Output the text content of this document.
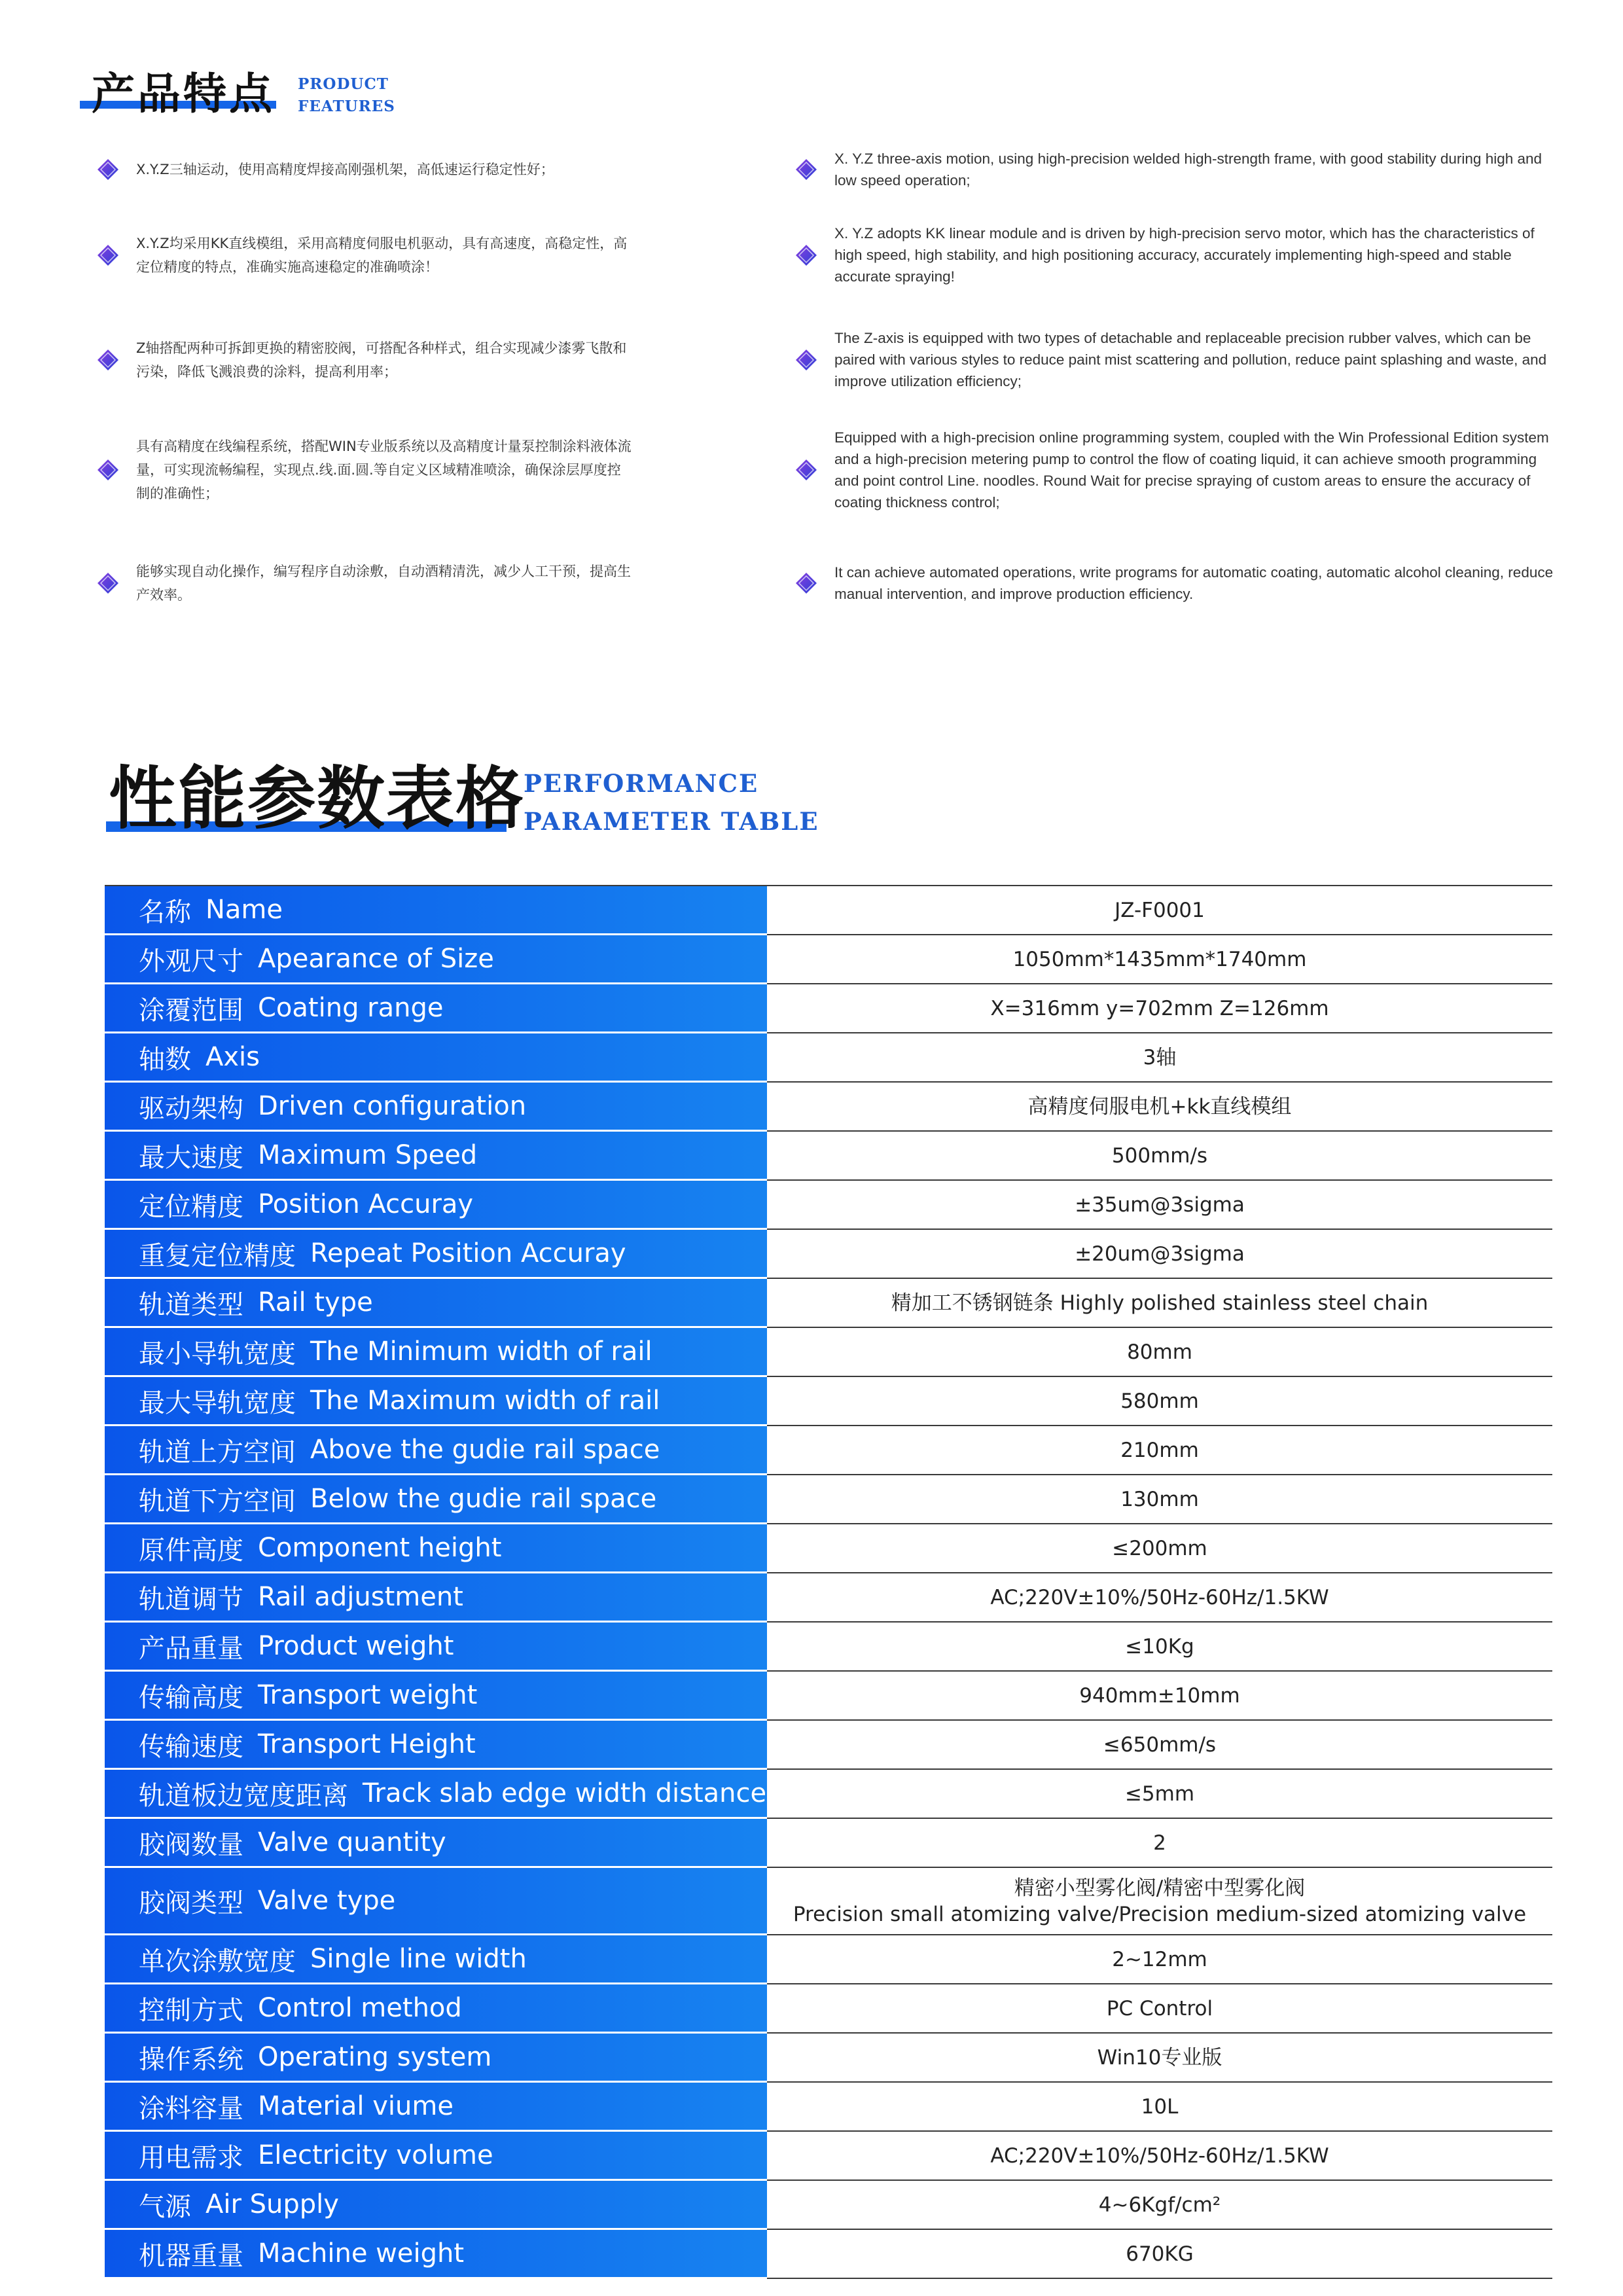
产品特点 PRODUCT
FEATURES
X.Y.Z三轴运动，使用高精度焊接高刚强机架，高低速运行稳定性好；
X.Y.Z均采用KK直线模组，采用高精度伺服电机驱动，具有高速度，高稳定性，高定位精度的特点，准确实施高速稳定的准确喷涂！
Z轴搭配两种可拆卸更换的精密胶阀，可搭配各种样式，组合实现减少漆雾飞散和污染，降低飞溅浪费的涂料，提高利用率；
具有高精度在线编程系统，搭配WIN专业版系统以及高精度计量泵控制涂料液体流量，可实现流畅编程，实现点.线.面.圆.等自定义区域精准喷涂，确保涂层厚度控制的准确性；
能够实现自动化操作，编写程序自动涂敷，自动酒精清洗，减少人工干预，提高生产效率。
X. Y.Z three-axis motion, using high-precision welded high-strength frame, with good stability during high and low speed operation;
X. Y.Z adopts KK linear module and is driven by high-precision servo motor, which has the characteristics of high speed, high stability, and high positioning accuracy, accurately implementing high-speed and stable accurate spraying!
The Z-axis is equipped with two types of detachable and replaceable precision rubber valves, which can be paired with various styles to reduce paint mist scattering and pollution, reduce paint splashing and waste, and improve utilization efficiency;
Equipped with a high-precision online programming system, coupled with the Win Professional Edition system and a high-precision metering pump to control the flow of coating liquid, it can achieve smooth programming and point control Line. noodles. Round Wait for precise spraying of custom areas to ensure the accuracy of coating thickness control;
It can achieve automated operations, write programs for automatic coating, automatic alcohol cleaning, reduce manual intervention, and improve production efficiency.
性能参数表格
PERFORMANCE
PARAMETER TABLE
名称 Name	JZ-F0001
外观尺寸 Apearance of Size	1050mm*1435mm*1740mm
涂覆范围 Coating range	X=316mm y=702mm Z=126mm
轴数 Axis	3轴
驱动架构 Driven configuration	高精度伺服电机+kk直线模组
最大速度 Maximum Speed	500mm/s
定位精度 Position Accuray	±35um@3sigma
重复定位精度 Repeat Position Accuray	±20um@3sigma
轨道类型 Rail type	精加工不锈钢链条 Highly polished stainless steel chain
最小导轨宽度 The Minimum width of rail	80mm
最大导轨宽度 The Maximum width of rail	580mm
轨道上方空间 Above the gudie rail space	210mm
轨道下方空间 Below the gudie rail space	130mm
原件高度 Component height	≤200mm
轨道调节 Rail adjustment	AC;220V±10%/50Hz-60Hz/1.5KW
产品重量 Product weight	≤10Kg
传输高度 Transport weight	940mm±10mm
传输速度 Transport Height	≤650mm/s
轨道板边宽度距离 Track slab edge width distance	≤5mm
胶阀数量 Valve quantity	2
胶阀类型 Valve type	精密小型雾化阀/精密中型雾化阀
Precision small atomizing valve/Precision medium-sized atomizing valve
单次涂敷宽度 Single line width	2~12mm
控制方式 Control method	PC Control
操作系统 Operating system	Win10专业版
涂料容量 Material viume	10L
用电需求 Electricity volume	AC;220V±10%/50Hz-60Hz/1.5KW
气源 Air Supply	4~6Kgf/cm²
机器重量 Machine weight	670KG
